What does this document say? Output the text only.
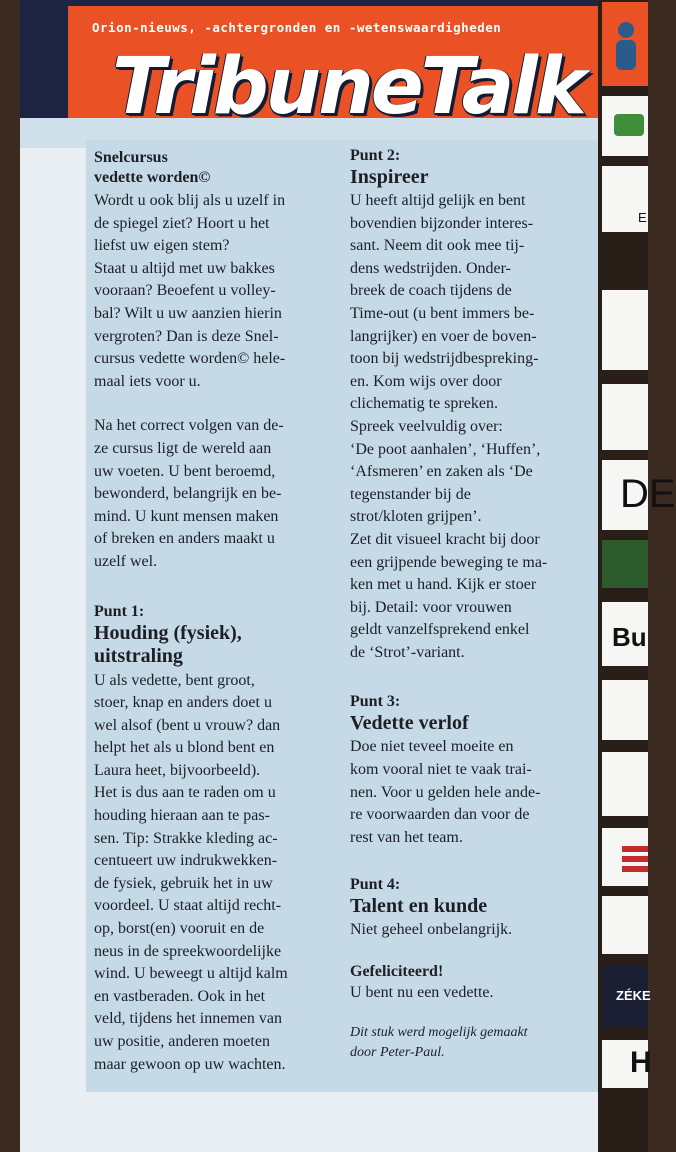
Orion-nieuws, -achtergronden en -wetenswaardigheden
TribuneTalk

Snelcursus

vedette worden©

Wordt u ook blij als u uzelf in

de spiegel ziet? Hoort u het

liefst uw eigen stem?

Staat u altijd met uw bakkes

vooraan? Beoefent u volley-

bal? Wilt u uw aanzien hierin

vergroten? Dan is deze Snel-

cursus vedette worden© hele-

maal iets voor u.

Na het correct volgen van de-

ze cursus ligt de wereld aan

uw voeten. U bent beroemd,

bewonderd, belangrijk en be-

mind. U kunt mensen maken

of breken en anders maakt u

uzelf wel.

Punt 1:

Houding (fysiek),

uitstraling

U als vedette, bent groot,

stoer, knap en anders doet u

wel alsof (bent u vrouw? dan

helpt het als u blond bent en

Laura heet, bijvoorbeeld).

Het is dus aan te raden om u

houding hieraan aan te pas-

sen. Tip: Strakke kleding ac-

centueert uw indrukwekken-

de fysiek, gebruik het in uw

voordeel. U staat altijd recht-

op, borst(en) vooruit en de

neus in de spreekwoordelijke

wind. U beweegt u altijd kalm

en vastberaden. Ook in het

veld, tijdens het innemen van

uw positie, anderen moeten

maar gewoon op uw wachten.

Punt 2:

Inspireer

U heeft altijd gelijk en bent

bovendien bijzonder interes-

sant. Neem dit ook mee tij-

dens wedstrijden. Onder-

breek de coach tijdens de

Time-out (u bent immers be-

langrijker) en voer de boven-

toon bij wedstrijdbespreking-

en. Kom wijs over door

clichematig te spreken.

Spreek veelvuldig over:

‘De poot aanhalen’, ‘Huffen’,

‘Afsmeren’ en zaken als ‘De

tegenstander bij de

strot/kloten grijpen’.

Zet dit visueel kracht bij door

een grijpende beweging te ma-

ken met u hand. Kijk er stoer

bij. Detail: voor vrouwen

geldt vanzelfsprekend enkel

de ‘Strot’-variant.

Punt 3:

Vedette verlof

Doe niet teveel moeite en

kom vooral niet te vaak trai-

nen. Voor u gelden hele ande-

re voorwaarden dan voor de

rest van het team.

Punt 4:

Talent en kunde

Niet geheel onbelangrijk.

Gefeliciteerd!

U bent nu een vedette.

Dit stuk werd mogelijk gemaakt

door Peter-Paul.

E
DE
Bu
ZÉKE
H
